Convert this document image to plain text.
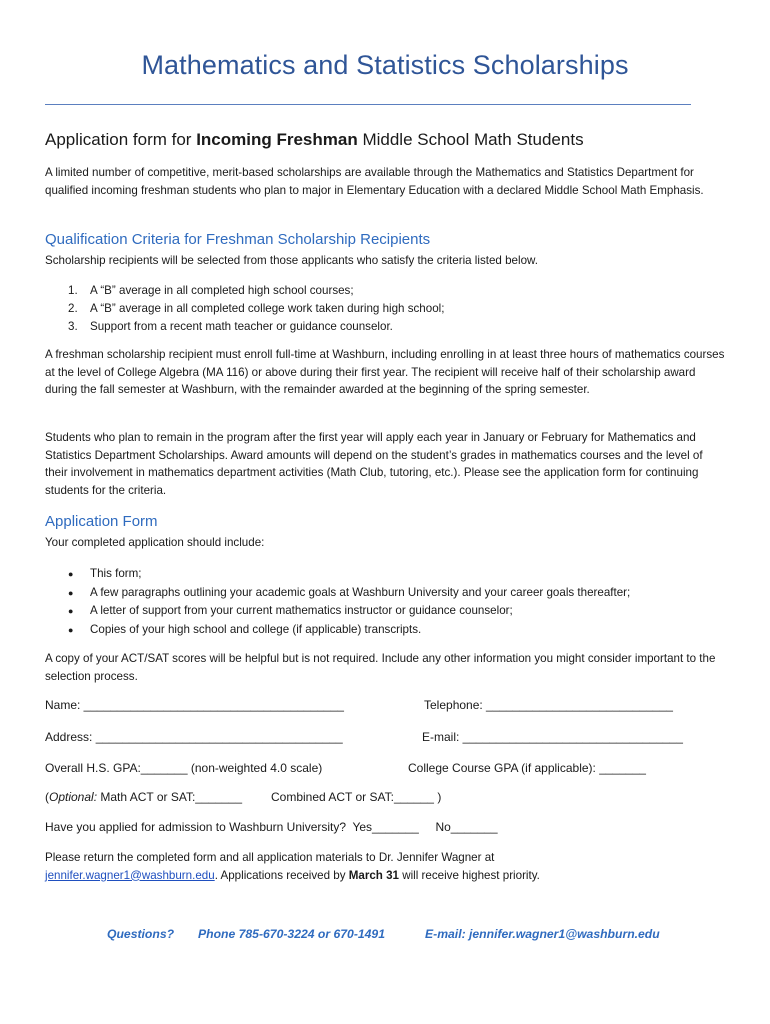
Mathematics and Statistics Scholarships
Application form for Incoming Freshman Middle School Math Students
A limited number of competitive, merit-based scholarships are available through the Mathematics and Statistics Department for qualified incoming freshman students who plan to major in Elementary Education with a declared Middle School Math Emphasis.
Qualification Criteria for Freshman Scholarship Recipients
Scholarship recipients will be selected from those applicants who satisfy the criteria listed below.
1. A “B” average in all completed high school courses;
2. A “B” average in all completed college work taken during high school;
3. Support from a recent math teacher or guidance counselor.
A freshman scholarship recipient must enroll full-time at Washburn, including enrolling in at least three hours of mathematics courses at the level of College Algebra (MA 116) or above during their first year. The recipient will receive half of their scholarship award during the fall semester at Washburn, with the remainder awarded at the beginning of the spring semester.
Students who plan to remain in the program after the first year will apply each year in January or February for Mathematics and Statistics Department Scholarships. Award amounts will depend on the student’s grades in mathematics courses and the level of their involvement in mathematics department activities (Math Club, tutoring, etc.). Please see the application form for continuing students for the criteria.
Application Form
Your completed application should include:
● This form;
● A few paragraphs outlining your academic goals at Washburn University and your career goals thereafter;
● A letter of support from your current mathematics instructor or guidance counselor;
● Copies of your high school and college (if applicable) transcripts.
A copy of your ACT/SAT scores will be helpful but is not required. Include any other information you might consider important to the selection process.
Name: _______________________________________	Telephone: ____________________________
Address: _____________________________________	E-mail: _________________________________
Overall H.S. GPA:_______ (non-weighted 4.0 scale)	College Course GPA (if applicable): _______
(Optional: Math ACT or SAT:_______ Combined ACT or SAT:______ )
Have you applied for admission to Washburn University?  Yes_______     No_______
Please return the completed form and all application materials to Dr. Jennifer Wagner at
jennifer.wagner1@washburn.edu. Applications received by March 31 will receive highest priority.
Questions? Phone 785-670-3224 or 670-1491	E-mail: jennifer.wagner1@washburn.edu
